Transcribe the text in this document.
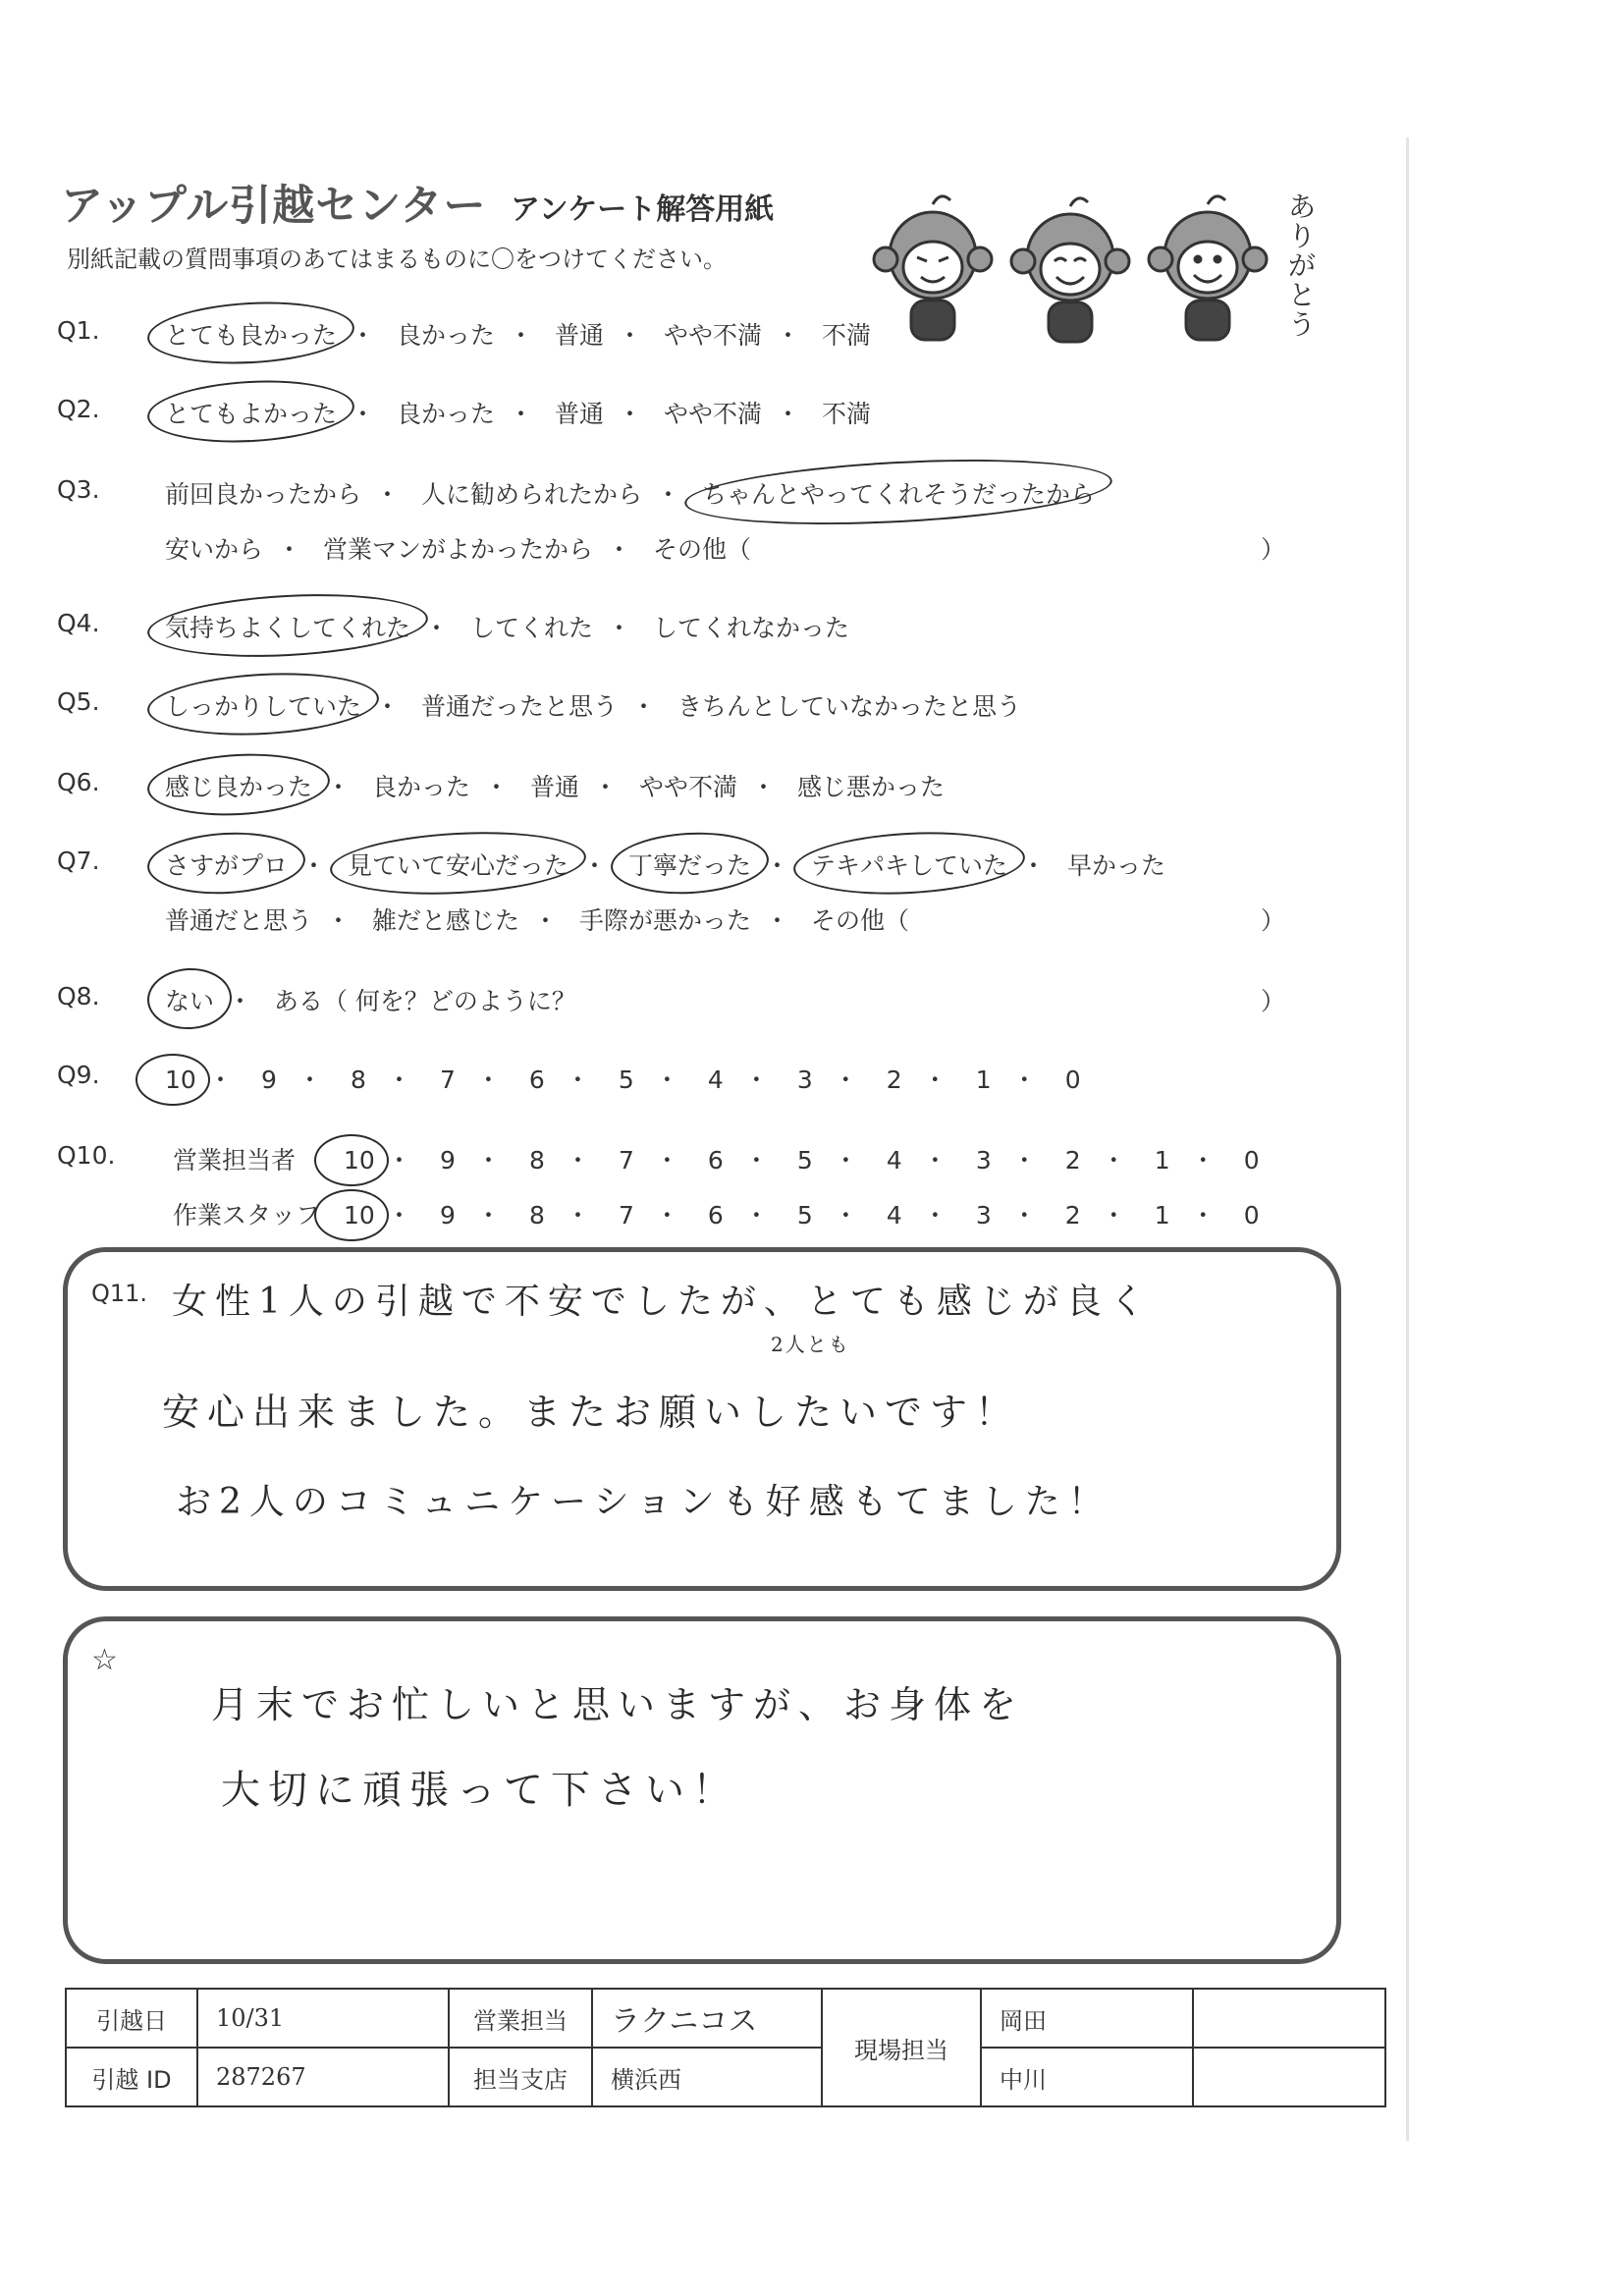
アップル引越センター アンケート解答用紙
別紙記載の質問事項のあてはまるものに〇をつけてください。
ありがとう
Q1.	とても良かった ・ 良かった ・ 普通 ・ やや不満 ・ 不満
Q2.	とてもよかった ・ 良かった ・ 普通 ・ やや不満 ・ 不満
Q3.	前回良かったから ・ 人に勧められたから ・ ちゃんとやってくれそうだったから
安いから ・ 営業マンがよかったから ・ その他（	）
Q4.	気持ちよくしてくれた ・ してくれた ・ してくれなかった
Q5.	しっかりしていた ・ 普通だったと思う ・ きちんとしていなかったと思う
Q6.	感じ良かった ・ 良かった ・ 普通 ・ やや不満 ・ 感じ悪かった
Q7.	さすがプロ ・ 見ていて安心だった ・ 丁寧だった ・ テキパキしていた ・ 早かった
普通だと思う ・ 雑だと感じた ・ 手際が悪かった ・ その他（	）
Q8.	ない ・ ある（ 何を？どのように？	）
Q9.	10 ・ 9 ・ 8 ・ 7 ・ 6 ・ 5 ・ 4 ・ 3 ・ 2 ・ 1 ・ 0
Q10. 営業担当者 10 ・ 9 ・ 8 ・ 7 ・ 6 ・ 5 ・ 4 ・ 3 ・ 2 ・ 1 ・ 0
作業スタッフ 10 ・ 9 ・ 8 ・ 7 ・ 6 ・ 5 ・ 4 ・ 3 ・ 2 ・ 1 ・ 0
Q11. 女性1人の引越で不安でしたが、とても感じが良く
2人とも
安心出来ました。またお願いしたいです！
お2人のコミュニケーションも好感もてました！
☆
月末でお忙しいと思いますが、お身体を
大切に頑張って下さい！
引越日	10/31	営業担当	ラクニコス	現場担当	岡田	
引越 ID	287267	担当支店	横浜西		中川	
